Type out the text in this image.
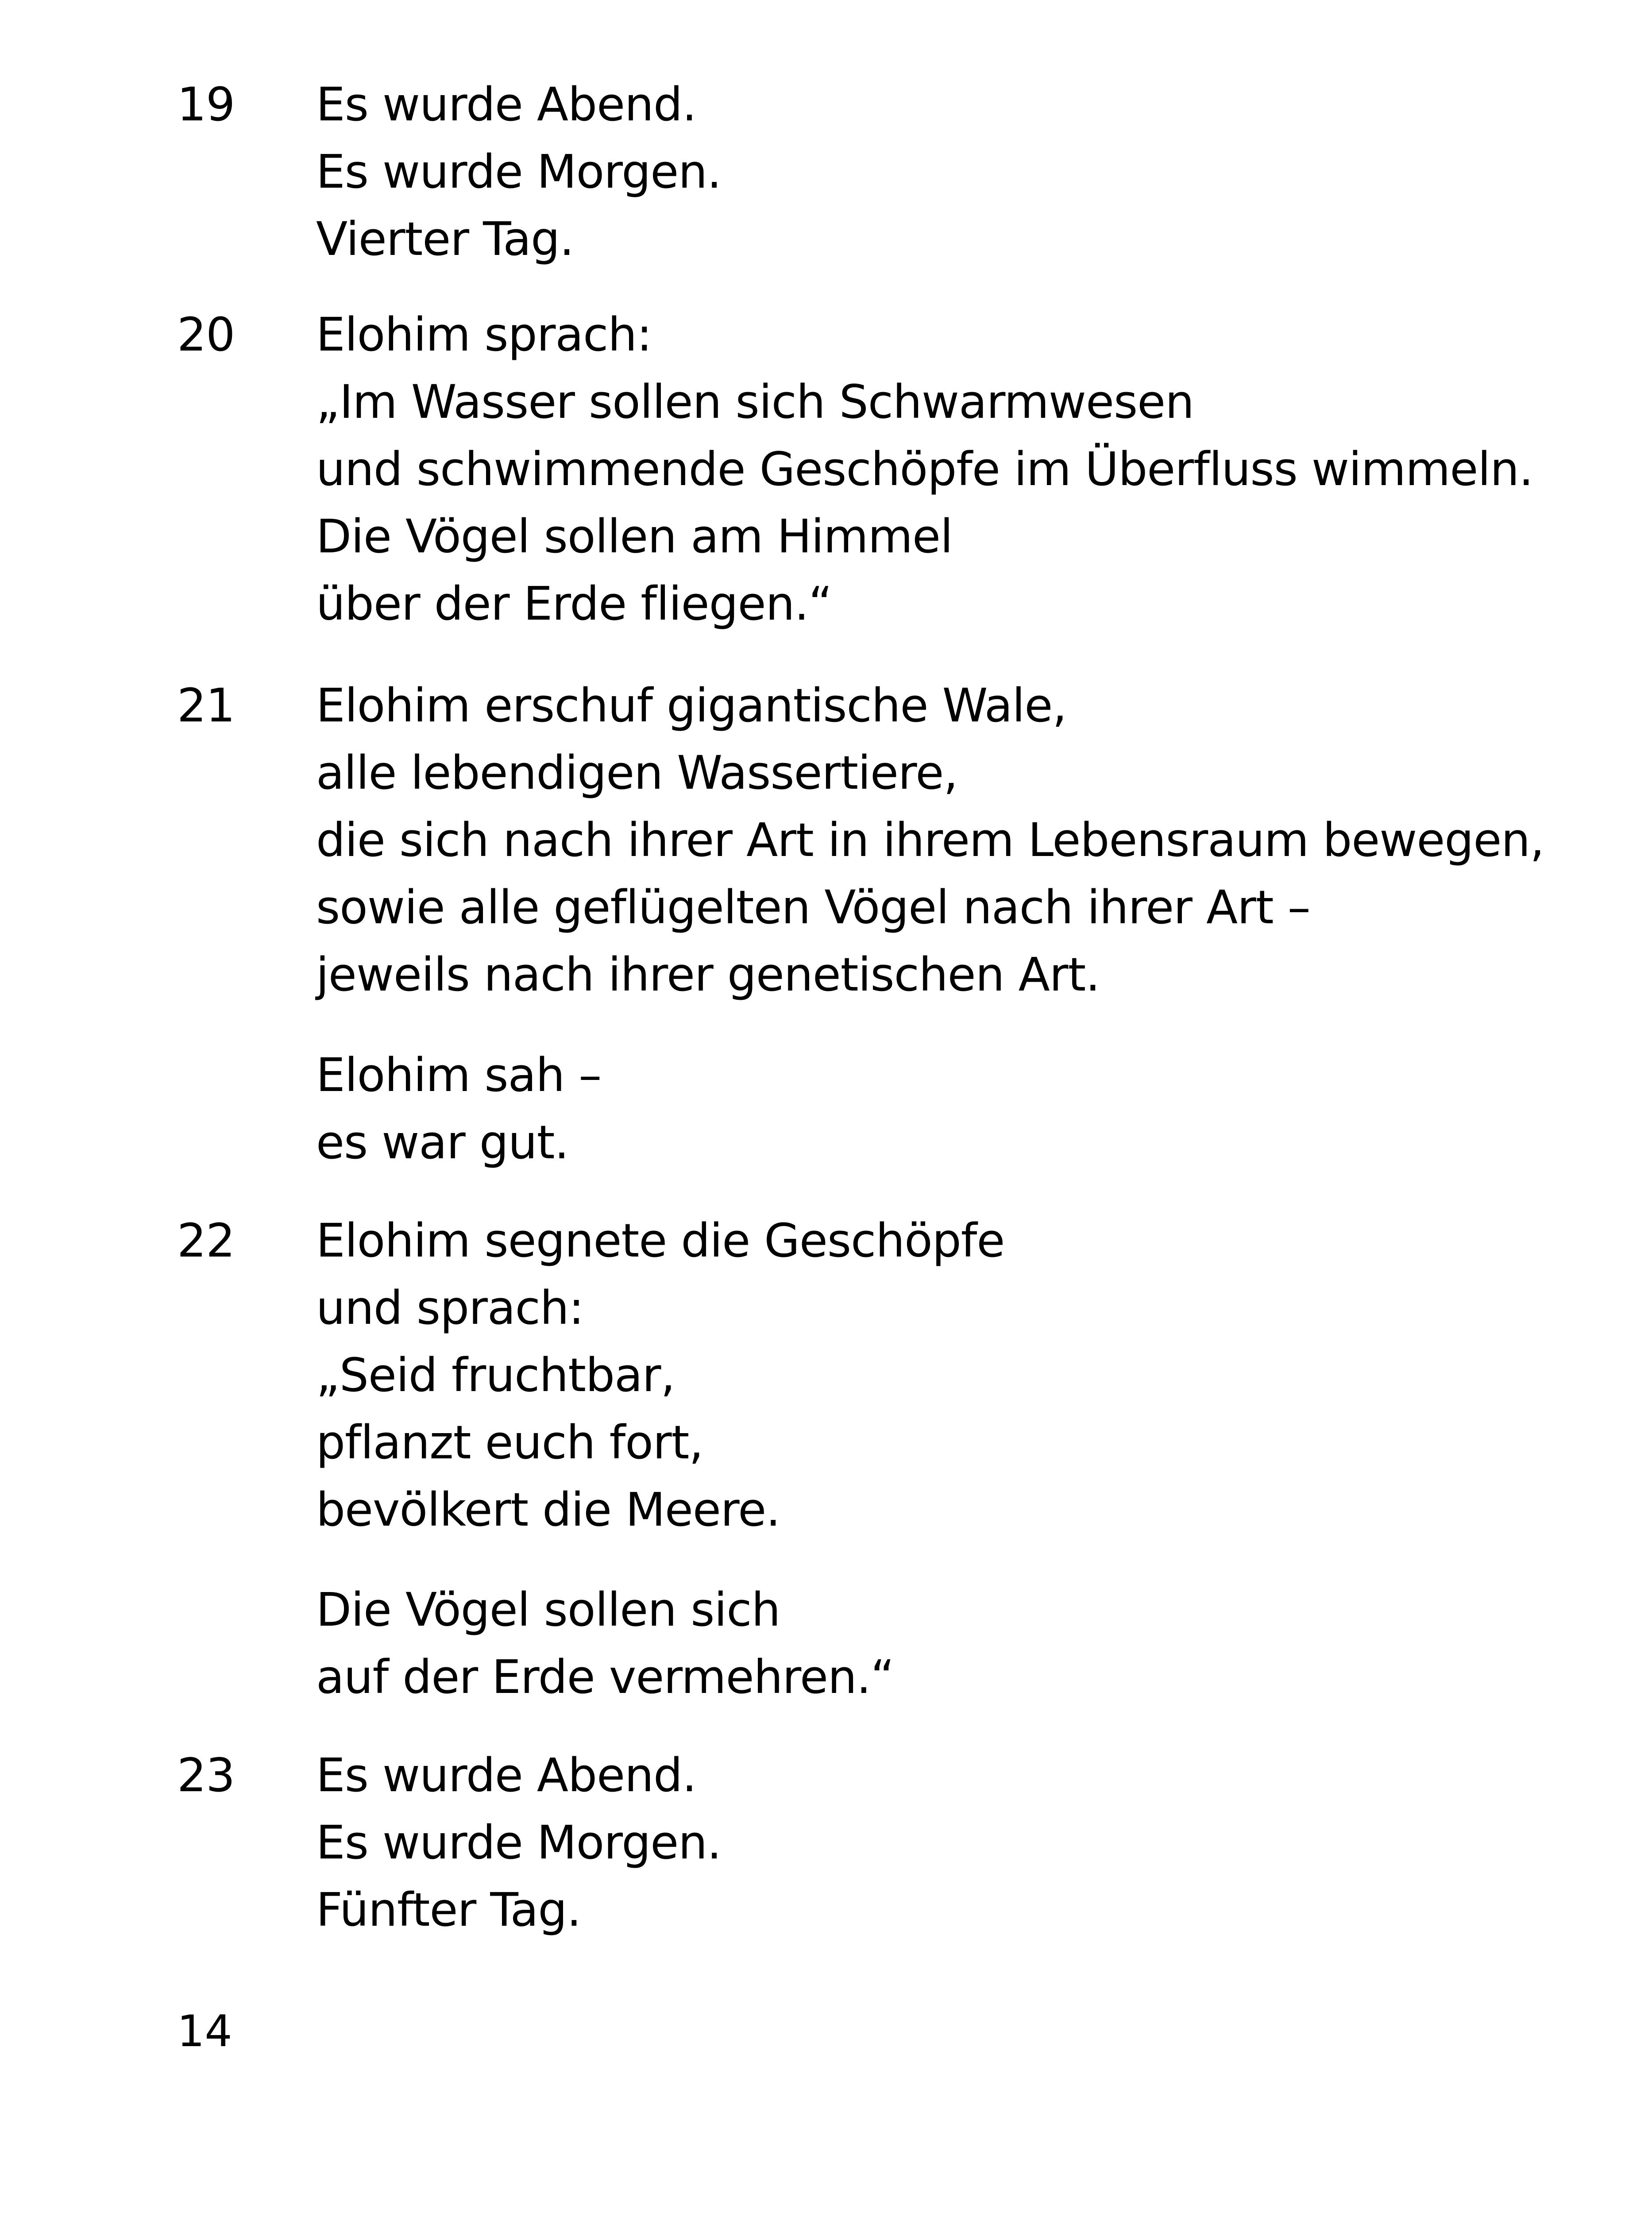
19 Es wurde Abend.
Es wurde Morgen.
Vierter Tag.
20 Elohim sprach:
„Im Wasser sollen sich Schwarmwesen
und schwimmende Geschöpfe im Überfluss wimmeln.
Die Vögel sollen am Himmel
über der Erde fliegen.“
21 Elohim erschuf gigantische Wale,
alle lebendigen Wassertiere,
die sich nach ihrer Art in ihrem Lebensraum bewegen,
sowie alle geflügelten Vögel nach ihrer Art –
jeweils nach ihrer genetischen Art.
Elohim sah –
es war gut.
22 Elohim segnete die Geschöpfe
und sprach:
„Seid fruchtbar,
pflanzt euch fort,
bevölkert die Meere.
Die Vögel sollen sich
auf der Erde vermehren.“
23 Es wurde Abend.
Es wurde Morgen.
Fünfter Tag.
14
